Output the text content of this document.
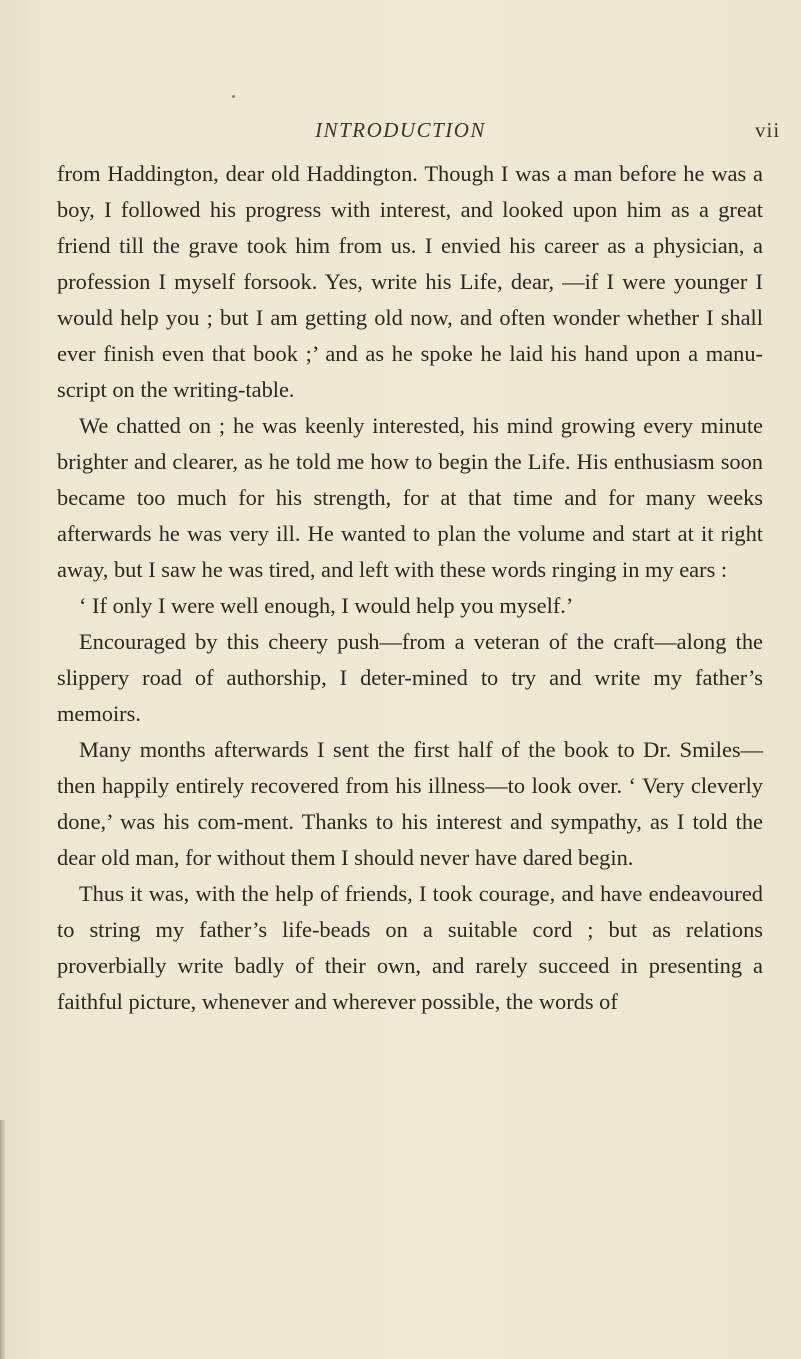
INTRODUCTION	vii

from Haddington, dear old Haddington. Though I was a man before he was a boy, I followed his progress with interest, and looked upon him as a great friend till the grave took him from us. I envied his career as a physician, a profession I myself forsook. Yes, write his Life, dear, —if I were younger I would help you ; but I am getting old now, and often wonder whether I shall ever finish even that book ;’ and as he spoke he laid his hand upon a manu-script on the writing-table.

We chatted on ; he was keenly interested, his mind growing every minute brighter and clearer, as he told me how to begin the Life. His enthusiasm soon became too much for his strength, for at that time and for many weeks afterwards he was very ill. He wanted to plan the volume and start at it right away, but I saw he was tired, and left with these words ringing in my ears :

‘ If only I were well enough, I would help you myself.’

Encouraged by this cheery push—from a veteran of the craft—along the slippery road of authorship, I deter-mined to try and write my father’s memoirs.

Many months afterwards I sent the first half of the book to Dr. Smiles—then happily entirely recovered from his illness—to look over. ‘ Very cleverly done,’ was his com-ment. Thanks to his interest and sympathy, as I told the dear old man, for without them I should never have dared begin.

Thus it was, with the help of friends, I took courage, and have endeavoured to string my father’s life-beads on a suitable cord ; but as relations proverbially write badly of their own, and rarely succeed in presenting a faithful picture, whenever and wherever possible, the words of
